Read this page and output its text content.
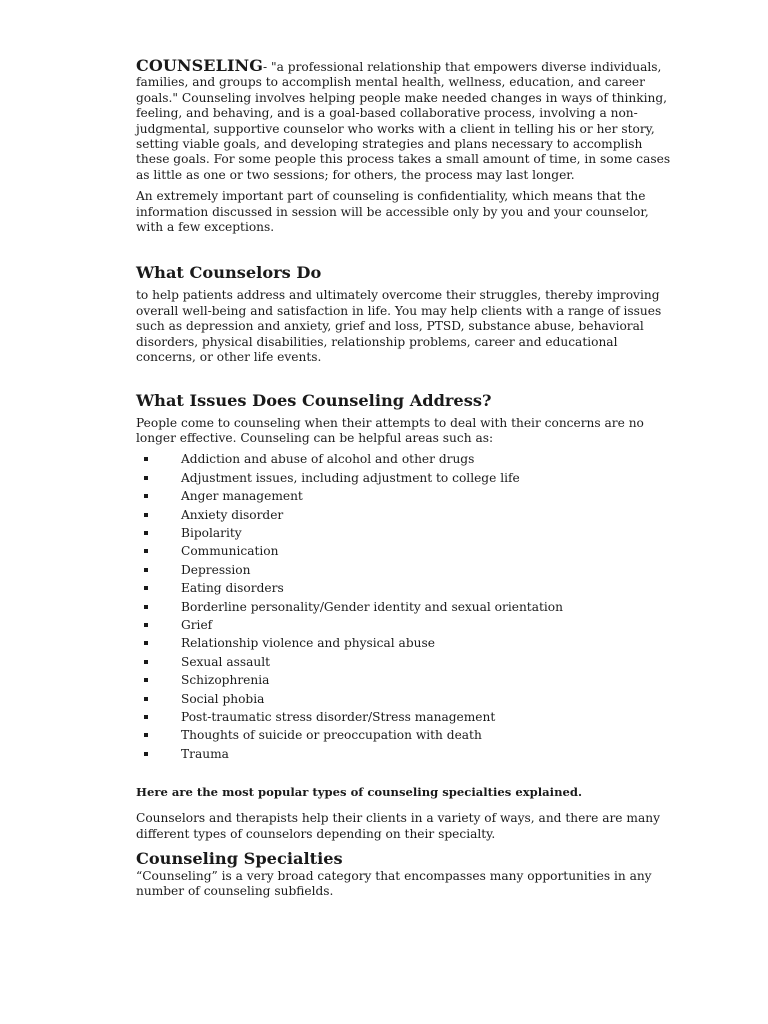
COUNSELING- "a professional relationship that empowers diverse individuals, families, and groups to accomplish mental health, wellness, education, and career goals." Counseling involves helping people make needed changes in ways of thinking, feeling, and behaving, and is a goal-based collaborative process, involving a non-judgmental, supportive counselor who works with a client in telling his or her story, setting viable goals, and developing strategies and plans necessary to accomplish these goals. For some people this process takes a small amount of time, in some cases as little as one or two sessions; for others, the process may last longer.

An extremely important part of counseling is confidentiality, which means that the information discussed in session will be accessible only by you and your counselor, with a few exceptions.

What Counselors Do

to help patients address and ultimately overcome their struggles, thereby improving overall well-being and satisfaction in life. You may help clients with a range of issues such as depression and anxiety, grief and loss, PTSD, substance abuse, behavioral disorders, physical disabilities, relationship problems, career and educational concerns, or other life events.

What Issues Does Counseling Address?

People come to counseling when their attempts to deal with their concerns are no longer effective. Counseling can be helpful areas such as:

Addiction and abuse of alcohol and other drugs
Adjustment issues, including adjustment to college life
Anger management
Anxiety disorder
Bipolarity
Communication
Depression
Eating disorders
Borderline personality/Gender identity and sexual orientation
Grief
Relationship violence and physical abuse
Sexual assault
Schizophrenia
Social phobia
Post-traumatic stress disorder/Stress management
Thoughts of suicide or preoccupation with death
Trauma

Here are the most popular types of counseling specialties explained.

Counselors and therapists help their clients in a variety of ways, and there are many different types of counselors depending on their specialty.

Counseling Specialties

“Counseling” is a very broad category that encompasses many opportunities in any number of counseling subfields.
